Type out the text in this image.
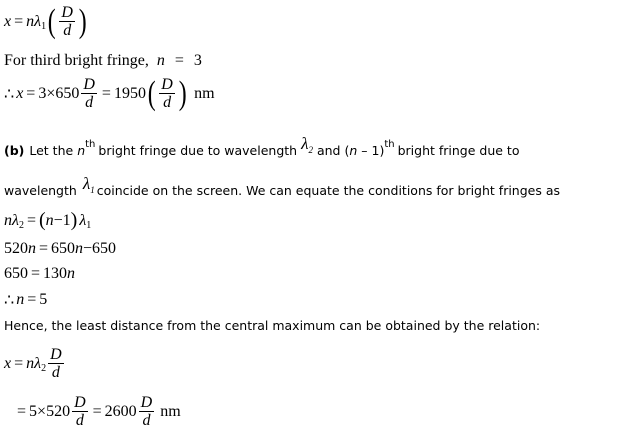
x = n λ 1 ( $\frac{D}{d}$ )
For third bright fringe, n = 3
∴ $x = 3 \times 650 \frac{D}{d} = 1950$ ( $\frac{D}{d}$ ) nm
(b) Let the n th bright fringe due to wavelength $\lambda_2$ and ( n – 1) th bright fringe due to
wavelength $\lambda_1$ coincide on the screen. We can equate the conditions for bright fringes as
n λ 2 = ( n −1 ) λ 1
520 n = 650 n −650
650 = 130 n
∴ n = 5
Hence, the least distance from the central maximum can be obtained by the relation:
x = n λ $2 \frac{D}{d}$
= $5 \times 520 \frac{D}{d} = 2600 \frac{D}{d}$ nm
